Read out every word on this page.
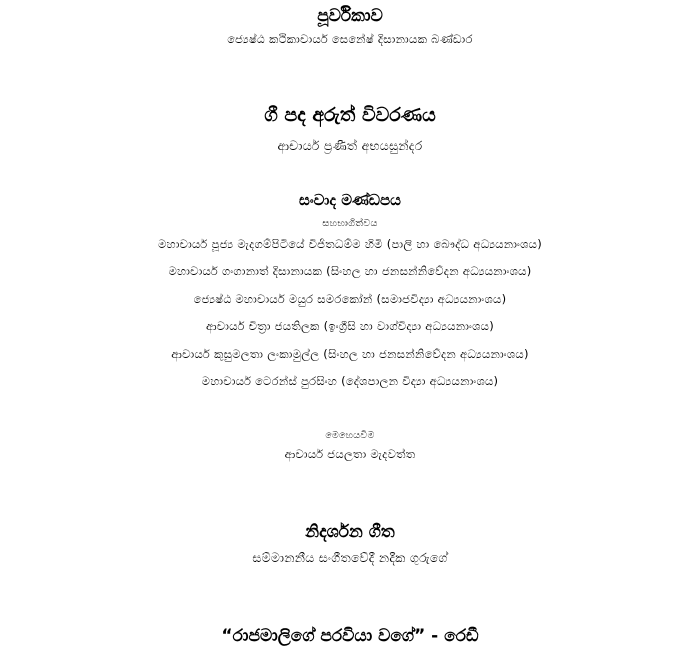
පූර්විකාව
ජ්‍යෙෂ්ඨ කථිකාචාර්ය සෙනේෂ් දිසානායක බණ්ඩාර
ගී පද අරුත් විවරණය
ආචාර්ය ප්‍රණීත් අභයසුන්දර
සංවාද මණ්ඩපය
සහභාගිත්වය
මහාචාර්ය පූජ්‍ය මැදගම්පිටියේ විජිතධම්ම හිමි (පාලි හා බෞද්ධ අධ්‍යයනාංශය)
මහාචාර්ය ගංගානාත් දිසානායක (සිංහල හා ජනසන්නිවේදන අධ්‍යයනාංශය)
ජ්‍යෙෂ්ඨ මහාචාර්ය මයුර සමරකෝන් (සමාජවිද්‍යා අධ්‍යයනාංශය)
ආචාර්ය චිත්‍රා ජයතිලක (ඉංග්‍රීසි හා වාග්විද්‍යා අධ්‍යයනාංශය)
ආචාර්ය කුසුමලතා ලංකාමුල්ල (සිංහල හා ජනසන්නිවේදන අධ්‍යයනාංශය)
මහාචාර්ය ටෙරන්ස් පුරසිංහ (දේශපාලන විද්‍යා අධ්‍යයනාංශය)
මෙහෙයවීම
ආචාර්ය ජයලතා මැදවත්ත
නිදර්ශන ගීත
සම්මානනීය සංගීතවේදී නදීක ගුරුගේ
“රාජමාලිගේ පරවියා වගේ” - රෙඩී
